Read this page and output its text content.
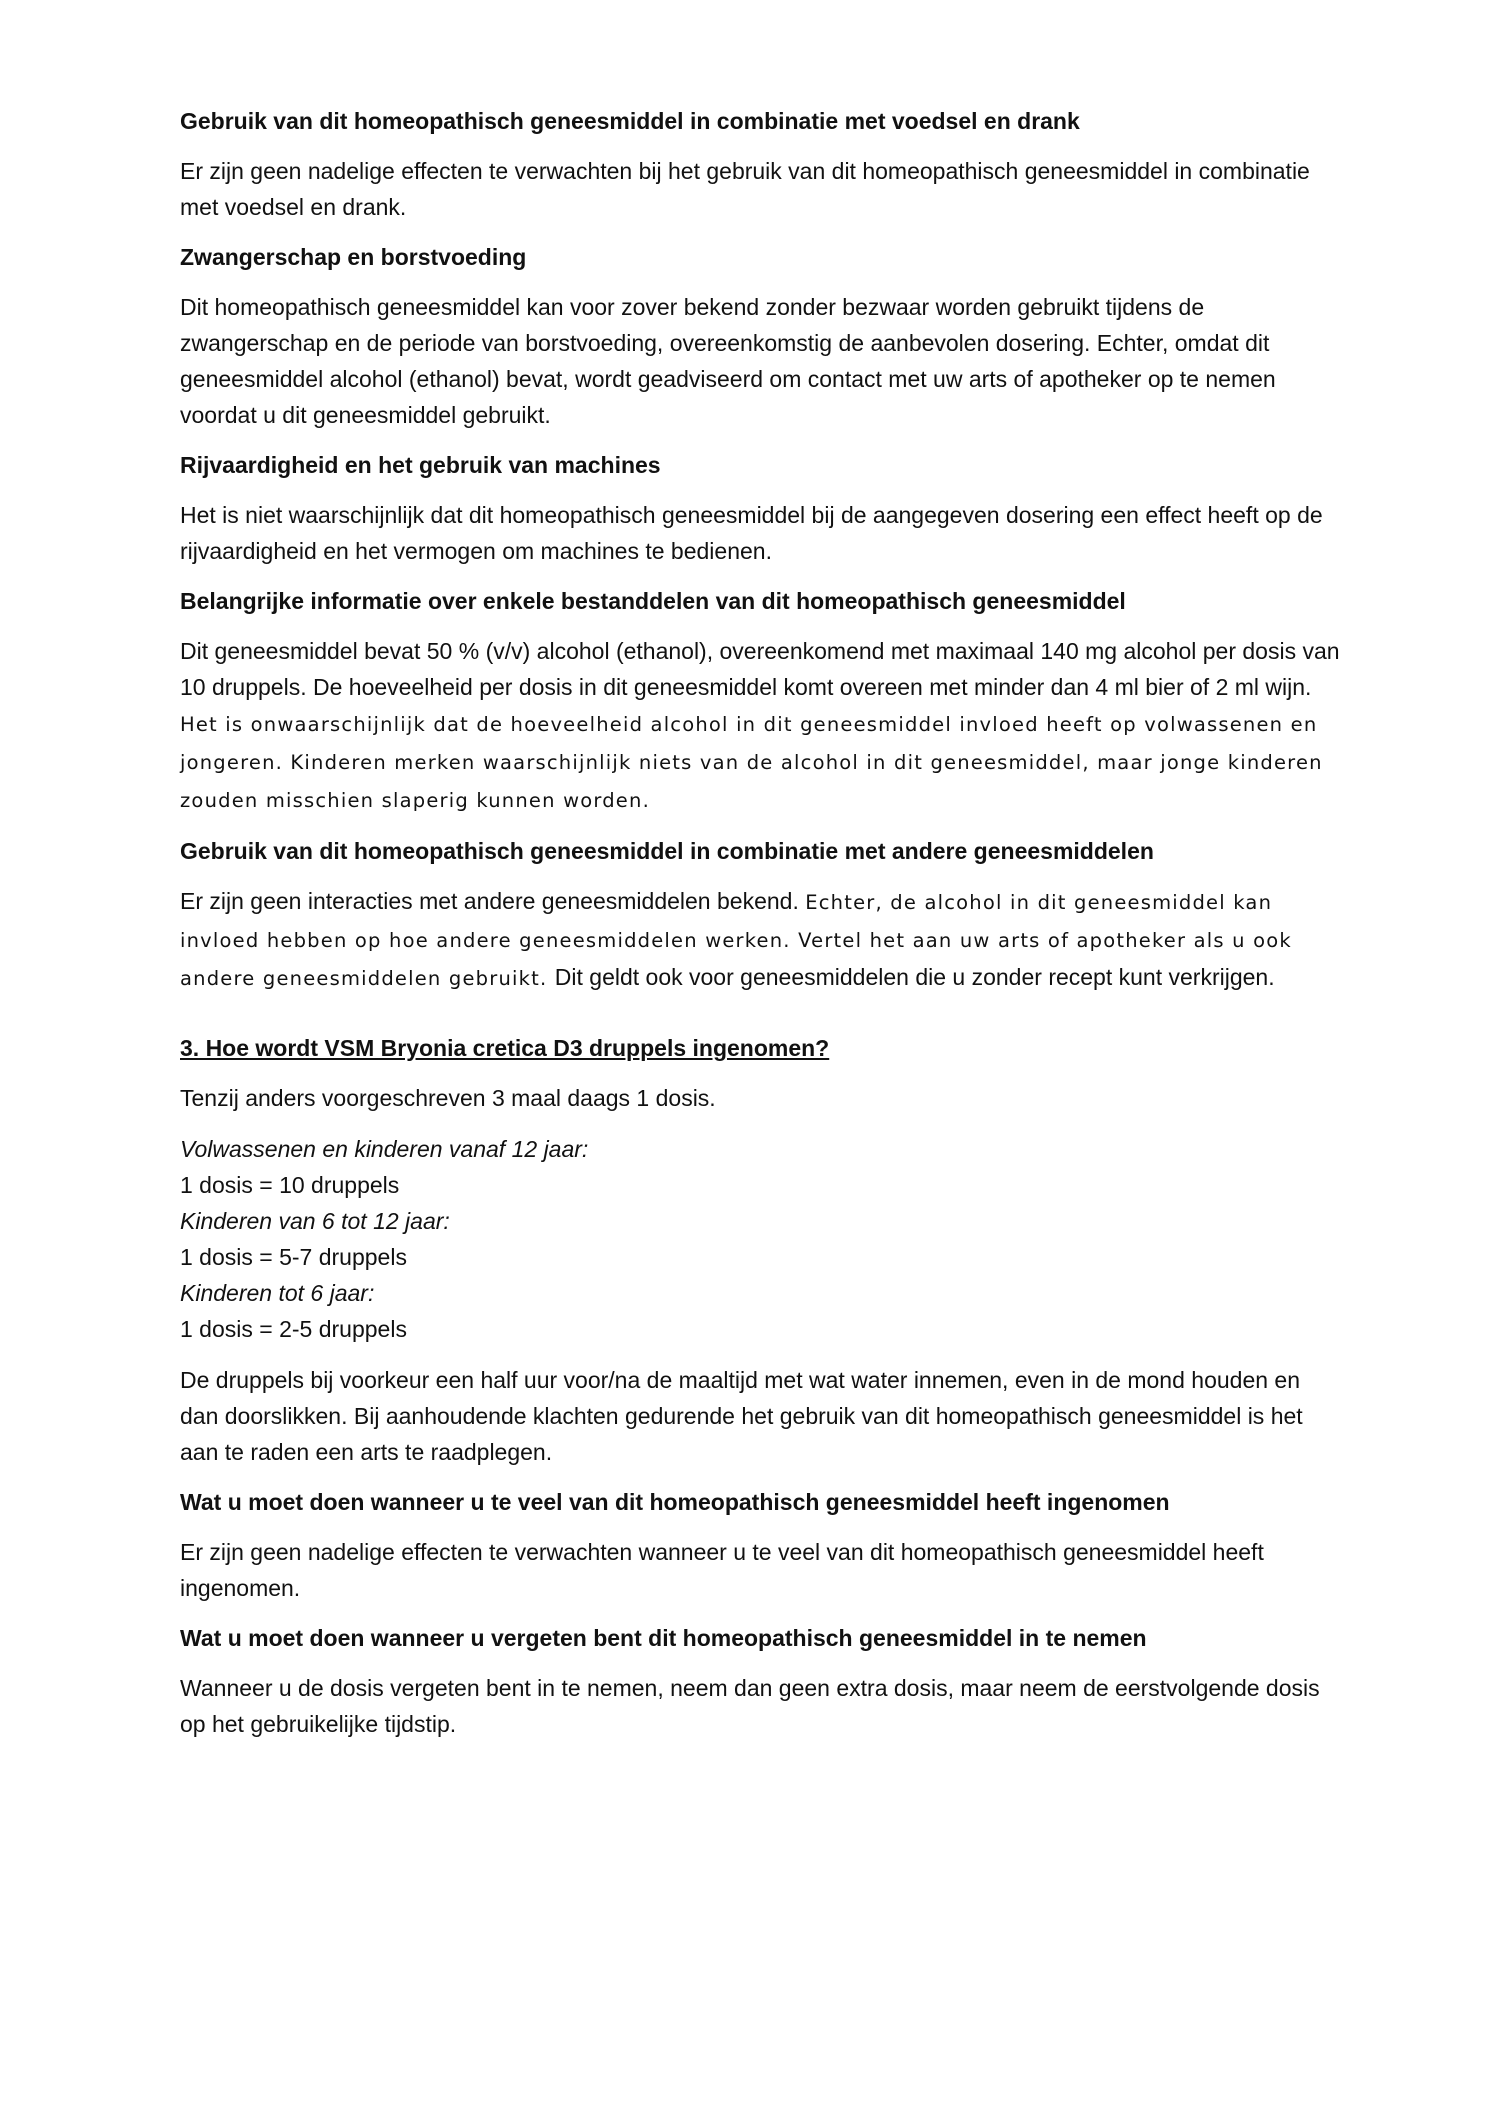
Gebruik van dit homeopathisch geneesmiddel in combinatie met voedsel en drank
Er zijn geen nadelige effecten te verwachten bij het gebruik van dit homeopathisch geneesmiddel in combinatie met voedsel en drank.
Zwangerschap en borstvoeding
Dit homeopathisch geneesmiddel kan voor zover bekend zonder bezwaar worden gebruikt tijdens de zwangerschap en de periode van borstvoeding, overeenkomstig de aanbevolen dosering. Echter, omdat dit geneesmiddel alcohol (ethanol) bevat, wordt geadviseerd om contact met uw arts of apotheker op te nemen voordat u dit geneesmiddel gebruikt.
Rijvaardigheid en het gebruik van machines
Het is niet waarschijnlijk dat dit homeopathisch geneesmiddel bij de aangegeven dosering een effect heeft op de rijvaardigheid en het vermogen om machines te bedienen.
Belangrijke informatie over enkele bestanddelen van dit homeopathisch geneesmiddel
Dit geneesmiddel bevat 50 % (v/v) alcohol (ethanol), overeenkomend met maximaal 140 mg alcohol per dosis van 10 druppels. De hoeveelheid per dosis in dit geneesmiddel komt overeen met minder dan 4 ml bier of 2 ml wijn.
Het is onwaarschijnlijk dat de hoeveelheid alcohol in dit geneesmiddel invloed heeft op volwassenen en jongeren. Kinderen merken waarschijnlijk niets van de alcohol in dit geneesmiddel, maar jonge kinderen zouden misschien slaperig kunnen worden.
Gebruik van dit homeopathisch geneesmiddel in combinatie met andere geneesmiddelen
Er zijn geen interacties met andere geneesmiddelen bekend. Echter, de alcohol in dit geneesmiddel kan invloed hebben op hoe andere geneesmiddelen werken. Vertel het aan uw arts of apotheker als u ook andere geneesmiddelen gebruikt. Dit geldt ook voor geneesmiddelen die u zonder recept kunt verkrijgen.
3. Hoe wordt VSM Bryonia cretica D3 druppels ingenomen?
Tenzij anders voorgeschreven 3 maal daags 1 dosis.
Volwassenen en kinderen vanaf 12 jaar:
1 dosis = 10 druppels
Kinderen van 6 tot 12 jaar:
1 dosis = 5-7 druppels
Kinderen tot 6 jaar:
1 dosis = 2-5 druppels
De druppels bij voorkeur een half uur voor/na de maaltijd met wat water innemen, even in de mond houden en dan doorslikken. Bij aanhoudende klachten gedurende het gebruik van dit homeopathisch geneesmiddel is het aan te raden een arts te raadplegen.
Wat u moet doen wanneer u te veel van dit homeopathisch geneesmiddel heeft ingenomen
Er zijn geen nadelige effecten te verwachten wanneer u te veel van dit homeopathisch geneesmiddel heeft ingenomen.
Wat u moet doen wanneer u vergeten bent dit homeopathisch geneesmiddel in te nemen
Wanneer u de dosis vergeten bent in te nemen, neem dan geen extra dosis, maar neem de eerstvolgende dosis op het gebruikelijke tijdstip.
